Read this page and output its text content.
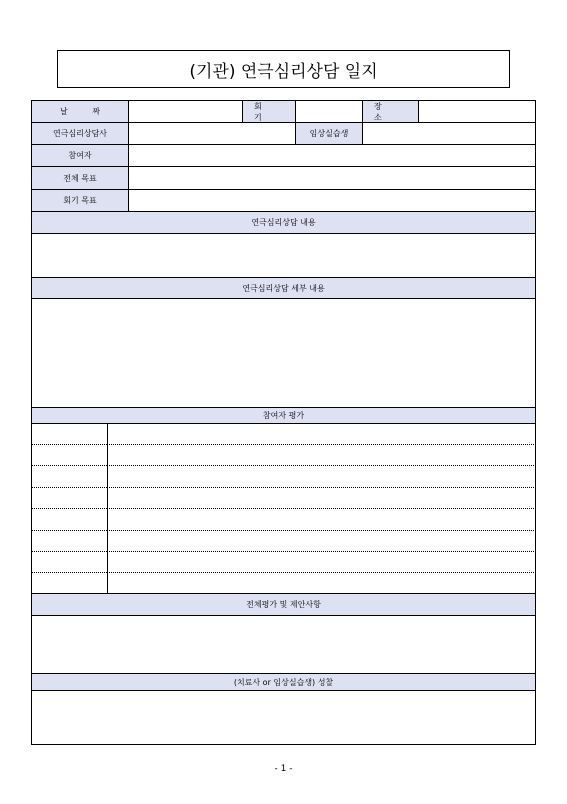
(기관) 연극심리상담 일지
날 짜
회 기
장 소
연극심리상담사	임상실습생
참여자
전체 목표
회기 목표
연극심리상담 내용
연극심리상담 세부 내용
참여자 평가
전체평가 및 제안사항
(치료사 or 임상실습생) 성찰
- 1 -
